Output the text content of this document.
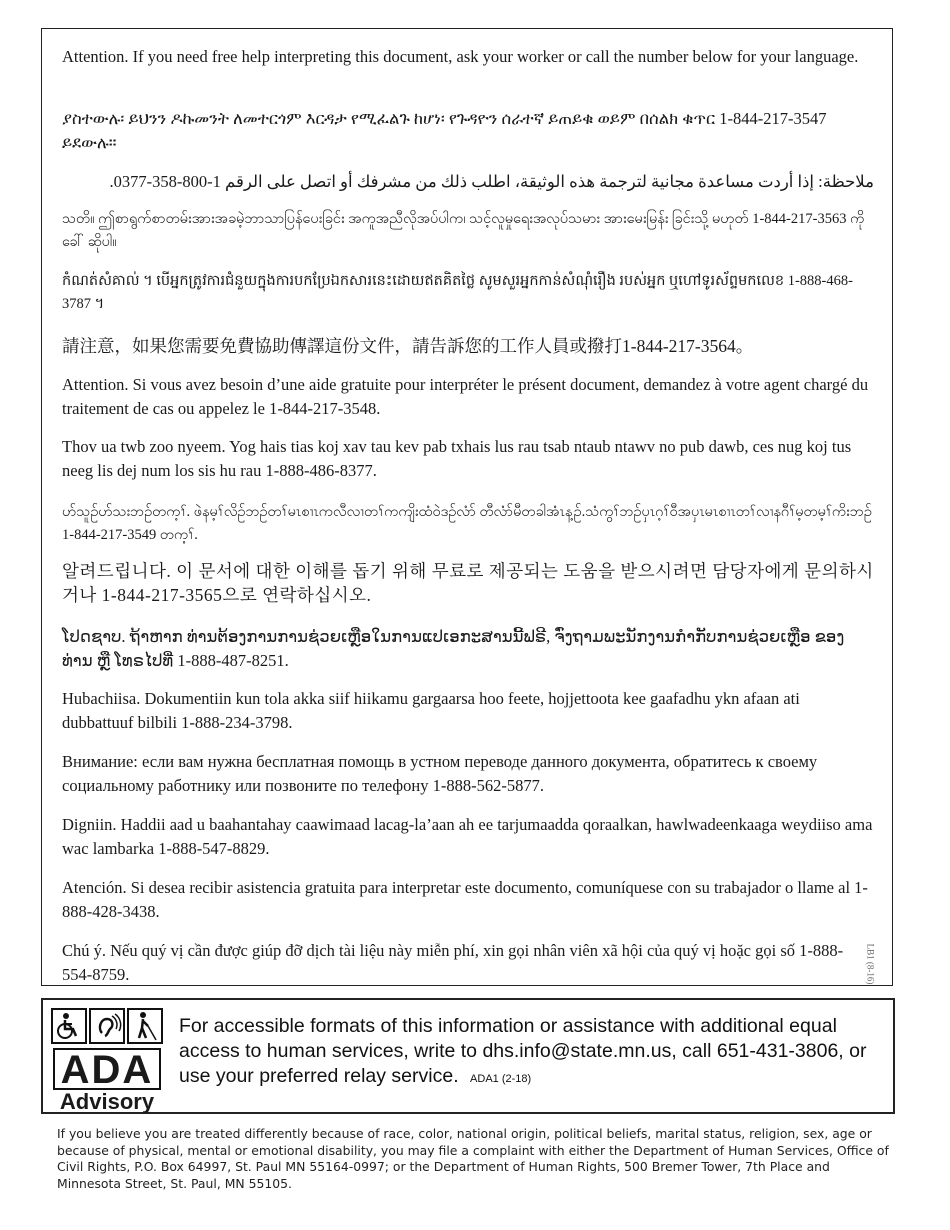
Attention. If you need free help interpreting this document, ask your worker or call the number below for your language.

ያስተውሉ፡ ይህንን ዶኩመንት ለመተርጎም እርዳታ የሚፈልጉ ከሆነ፡ የጉዳዮን ሰራተኛ ይጠይቁ ወይም በሰልክ ቁጥር 1-844-217-3547 ይደውሉ።

ملاحظة: إذا أردت مساعدة مجانية لترجمة هذه الوثيقة، اطلب ذلك من مشرفك أو اتصل على الرقم 1-800-358-0377.

သတိ။ ဤစာရွက်စာတမ်းအားအခမဲ့ဘာသာပြန်ပေးခြင်း အကူအညီလိုအပ်ပါက၊ သင့်လူမှုရေးအလုပ်သမား အားမေးမြန်း ခြင်းသို့ မဟုတ် 1-844-217-3563 ကိုခေါ် ဆိုပါ။

កំណត់សំគាល់ ។ បើអ្នកត្រូវការជំនួយក្នុងការបកប្រែឯកសារនេះដោយឥតគិតថ្លៃ សូមសួរអ្នកកាន់សំណុំរឿង របស់អ្នក ឬហៅទូរស័ព្ទមកលេខ 1-888-468-3787 ។

請注意，如果您需要免費協助傳譯這份文件，請告訴您的工作人員或撥打1-844-217-3564。

Attention. Si vous avez besoin d’une aide gratuite pour interpréter le présent document, demandez à votre agent chargé du traitement de cas ou appelez le 1-844-217-3548.

Thov ua twb zoo nyeem. Yog hais tias koj xav tau kev pab txhais lus rau tsab ntaub ntawv no pub dawb, ces nug koj tus neeg lis dej num los sis hu rau 1-888-486-8377.

ဟ်သူဉ်ဟ်သး​ဘဉ်တက့ၢ်. ဖဲနမ့ၢ်လိဉ်ဘဉ်တၢ်မၤစၢၤကလီလၢတၢ်ကကျိးထံဝဲဒဉ်လံာ် တီလံာ်မီတခါအံၤန့ဉ်.သံကွၢ်ဘဉ်ပှၤဂ့ၢ်ဝီအပှၤမၤစၢၤတၢ်လၢနဂီၢ်မ့တမ့ၢ်ကိးဘဉ် 1-844-217-3549 တက့ၢ်.

알려드립니다. 이 문서에 대한 이해를 돕기 위해 무료로 제공되는 도움을 받으시려면 담당자에게 문의하시거나 1-844-217-3565으로 연락하십시오.

ໂປດຊາບ. ຖ້າຫາກ ທ່ານຕ້ອງການການຊ່ວຍເຫຼືອໃນການແປເອກະສານນີ້ຟຣີ, ຈົ່ງຖາມພະນັກງານກໍາກັບການຊ່ວຍເຫຼືອ ຂອງທ່ານ ຫຼື ໂທຣໄປທີ່ 1-888-487-8251.

Hubachiisa. Dokumentiin kun tola akka siif hiikamu gargaarsa hoo feete, hojjettoota kee gaafadhu ykn afaan ati dubbattuuf bilbili 1-888-234-3798.

Внимание: если вам нужна бесплатная помощь в устном переводе данного документа, обратитесь к своему социальному работнику или позвоните по телефону 1-888-562-5877.

Digniin. Haddii aad u baahantahay caawimaad lacag-la’aan ah ee tarjumaadda qoraalkan, hawlwadeenkaaga weydiiso ama wac lambarka 1-888-547-8829.

Atención. Si desea recibir asistencia gratuita para interpretar este documento, comuníquese con su trabajador o llame al 1-888-428-3438.

Chú ý. Nếu quý vị cần được giúp đỡ dịch tài liệu này miễn phí, xin gọi nhân viên xã hội của quý vị hoặc gọi số 1-888-554-8759.	LB1 (8-16)
ADA
Advisory
For accessible formats of this information or assistance with additional equal access to human services, write to dhs.info@state.mn.us, call 651-431-3806, or use your preferred relay service. ADA1 (2-18)

If you believe you are treated differently because of race, color, national origin, political beliefs, marital status, religion, sex, age or because of physical, mental or emotional disability, you may file a complaint with either the Department of Human Services, Office of Civil Rights, P.O. Box 64997, St. Paul MN 55164-0997; or the Department of Human Rights, 500 Bremer Tower, 7th Place and Minnesota Street, St. Paul, MN 55105.
